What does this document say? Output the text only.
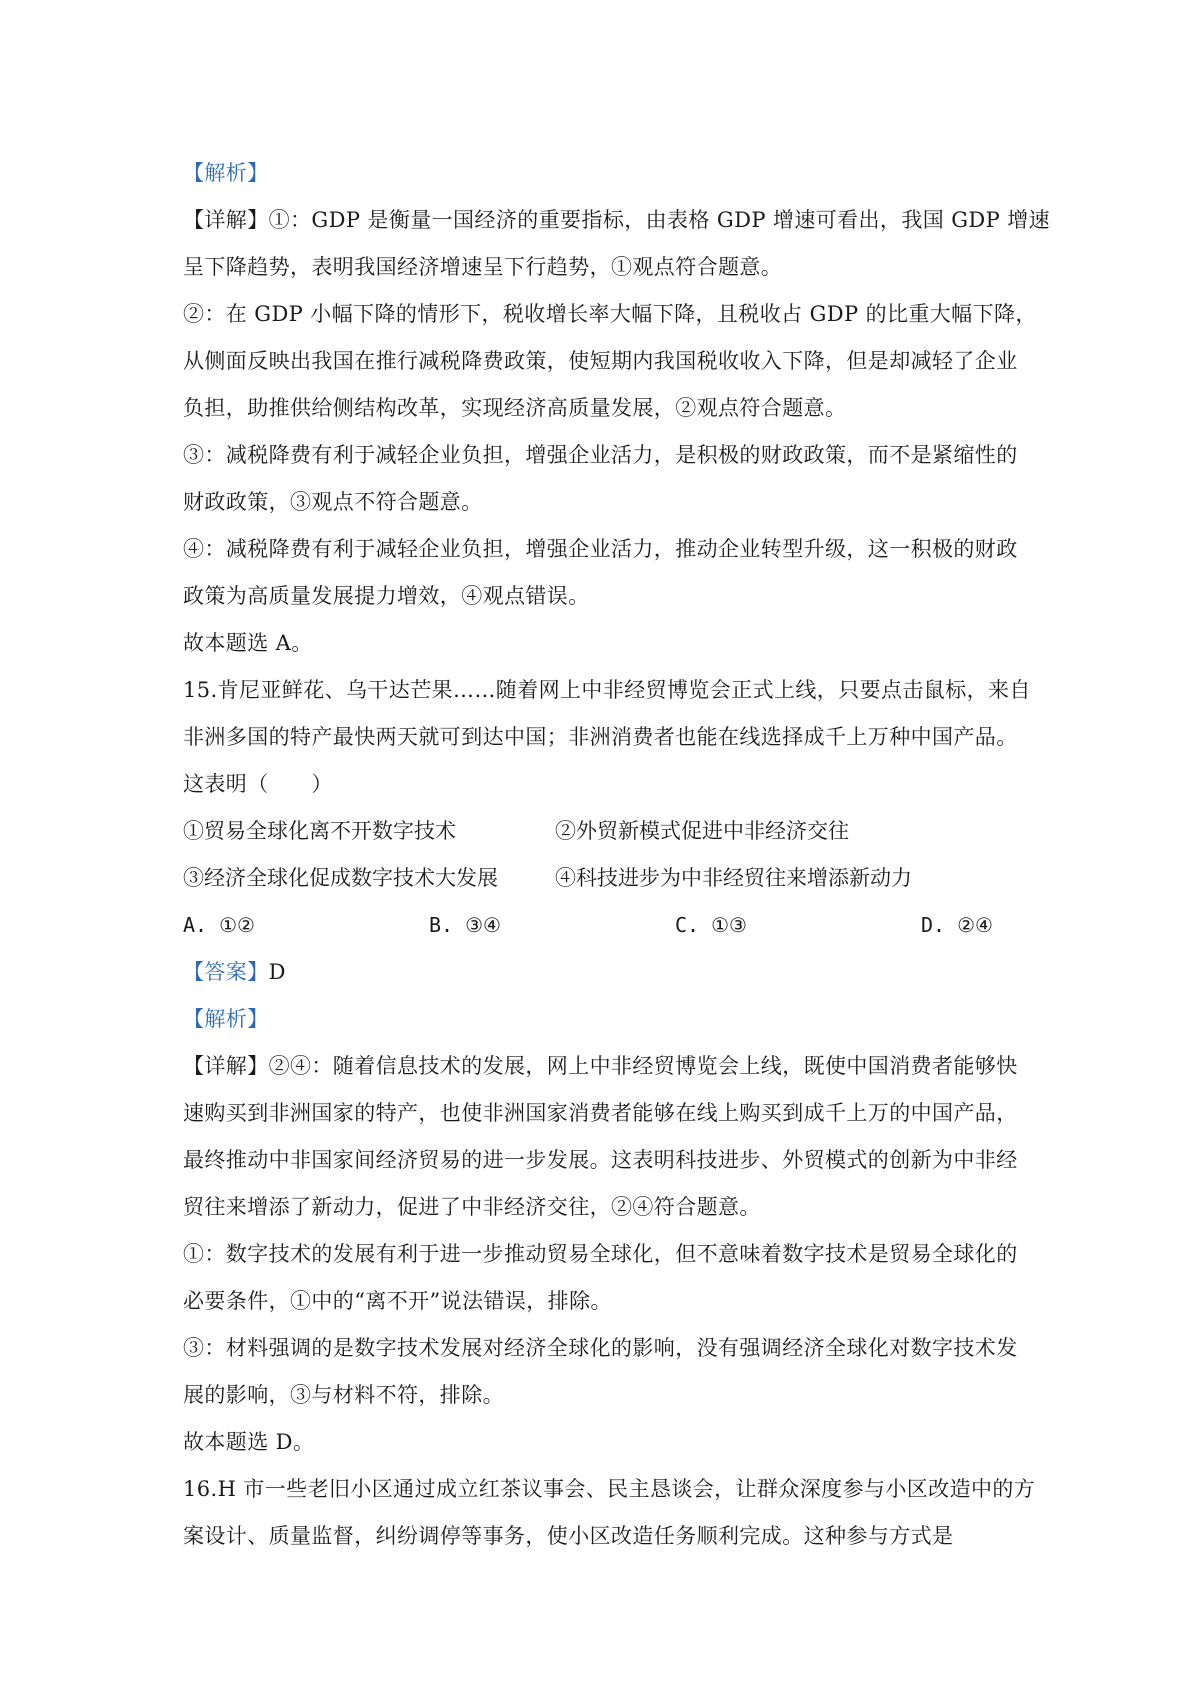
【解析】
【详解】①：GDP 是衡量一国经济的重要指标，由表格 GDP 增速可看出，我国 GDP 增速
呈下降趋势，表明我国经济增速呈下行趋势，①观点符合题意。
②：在 GDP 小幅下降的情形下，税收增长率大幅下降，且税收占 GDP 的比重大幅下降，
从侧面反映出我国在推行减税降费政策，使短期内我国税收收入下降，但是却减轻了企业
负担，助推供给侧结构改革，实现经济高质量发展，②观点符合题意。
③：减税降费有利于减轻企业负担，增强企业活力，是积极的财政政策，而不是紧缩性的
财政政策，③观点不符合题意。
④：减税降费有利于减轻企业负担，增强企业活力，推动企业转型升级，这一积极的财政
政策为高质量发展提力增效，④观点错误。
故本题选 A。
15.肯尼亚鲜花、乌干达芒果……随着网上中非经贸博览会正式上线，只要点击鼠标，来自
非洲多国的特产最快两天就可到达中国；非洲消费者也能在线选择成千上万种中国产品。
这表明（　　）
①贸易全球化离不开数字技术	②外贸新模式促进中非经济交往
③经济全球化促成数字技术大发展	④科技进步为中非经贸往来增添新动力
A. ①②	B. ③④	C. ①③	D. ②④
【答案】D
【解析】
【详解】②④：随着信息技术的发展，网上中非经贸博览会上线，既使中国消费者能够快
速购买到非洲国家的特产，也使非洲国家消费者能够在线上购买到成千上万的中国产品，
最终推动中非国家间经济贸易的进一步发展。这表明科技进步、外贸模式的创新为中非经
贸往来增添了新动力，促进了中非经济交往，②④符合题意。
①：数字技术的发展有利于进一步推动贸易全球化，但不意味着数字技术是贸易全球化的
必要条件，①中的“离不开”说法错误，排除。
③：材料强调的是数字技术发展对经济全球化的影响，没有强调经济全球化对数字技术发
展的影响，③与材料不符，排除。
故本题选 D。
16.H 市一些老旧小区通过成立红茶议事会、民主恳谈会，让群众深度参与小区改造中的方
案设计、质量监督，纠纷调停等事务，使小区改造任务顺利完成。这种参与方式是
